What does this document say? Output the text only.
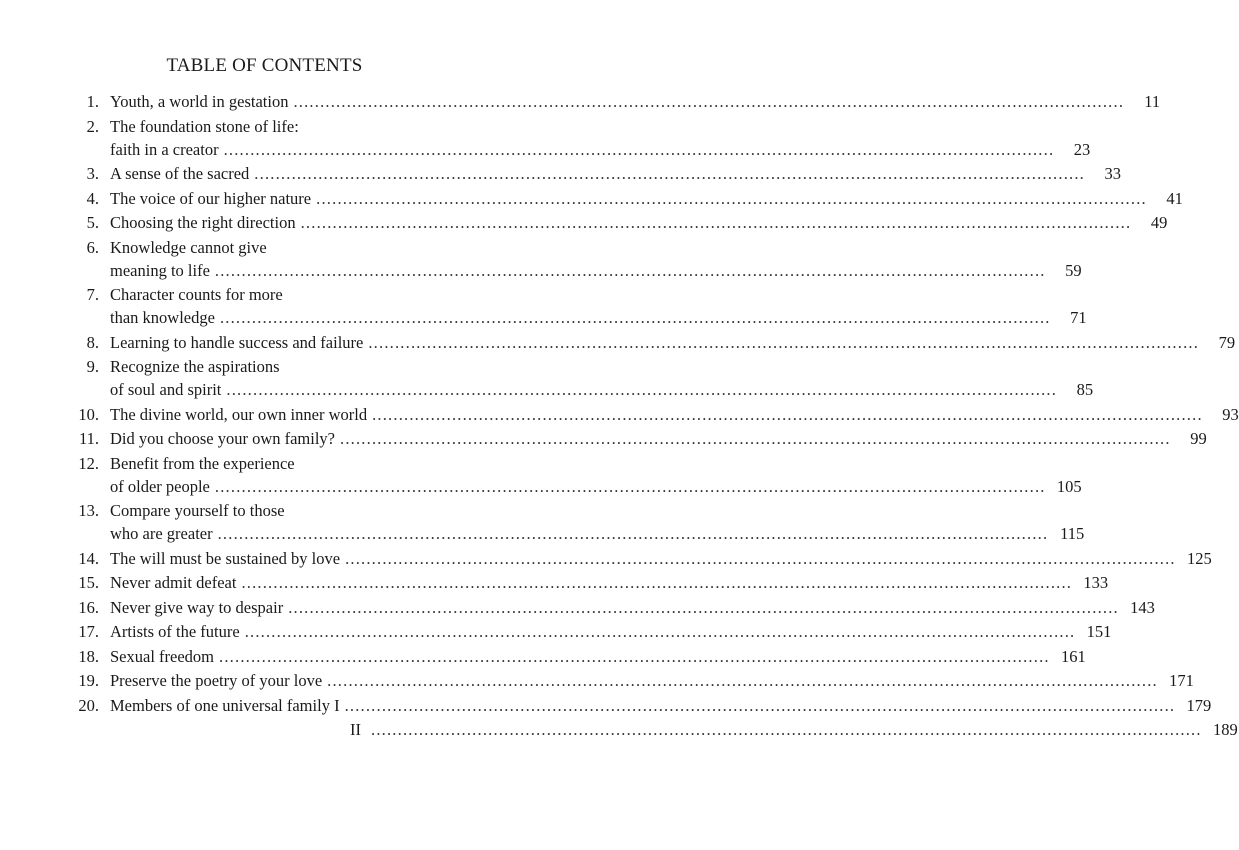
TABLE OF CONTENTS
1. Youth, a world in gestation .....	11
2. The foundation stone of life:
faith in a creator .....	23
3. A sense of the sacred .....	33
4. The voice of our higher nature .....	41
5. Choosing the right direction .....	49
6. Knowledge cannot give
meaning to life .....	59
7. Character counts for more
than knowledge .....	71
8. Learning to handle success and failure .....	79
9. Recognize the aspirations
of soul and spirit .....	85
10. The divine world, our own inner world .....	93
11. Did you choose your own family? .....	99
12. Benefit from the experience
of older people .....	105
13. Compare yourself to those
who are greater .....	115
14. The will must be sustained by love .....	125
15. Never admit defeat .....	133
16. Never give way to despair .....	143
17. Artists of the future .....	151
18. Sexual freedom .....	161
19. Preserve the poetry of your love .....	171
20. Members of one universal family I .....	179
II .....	189
